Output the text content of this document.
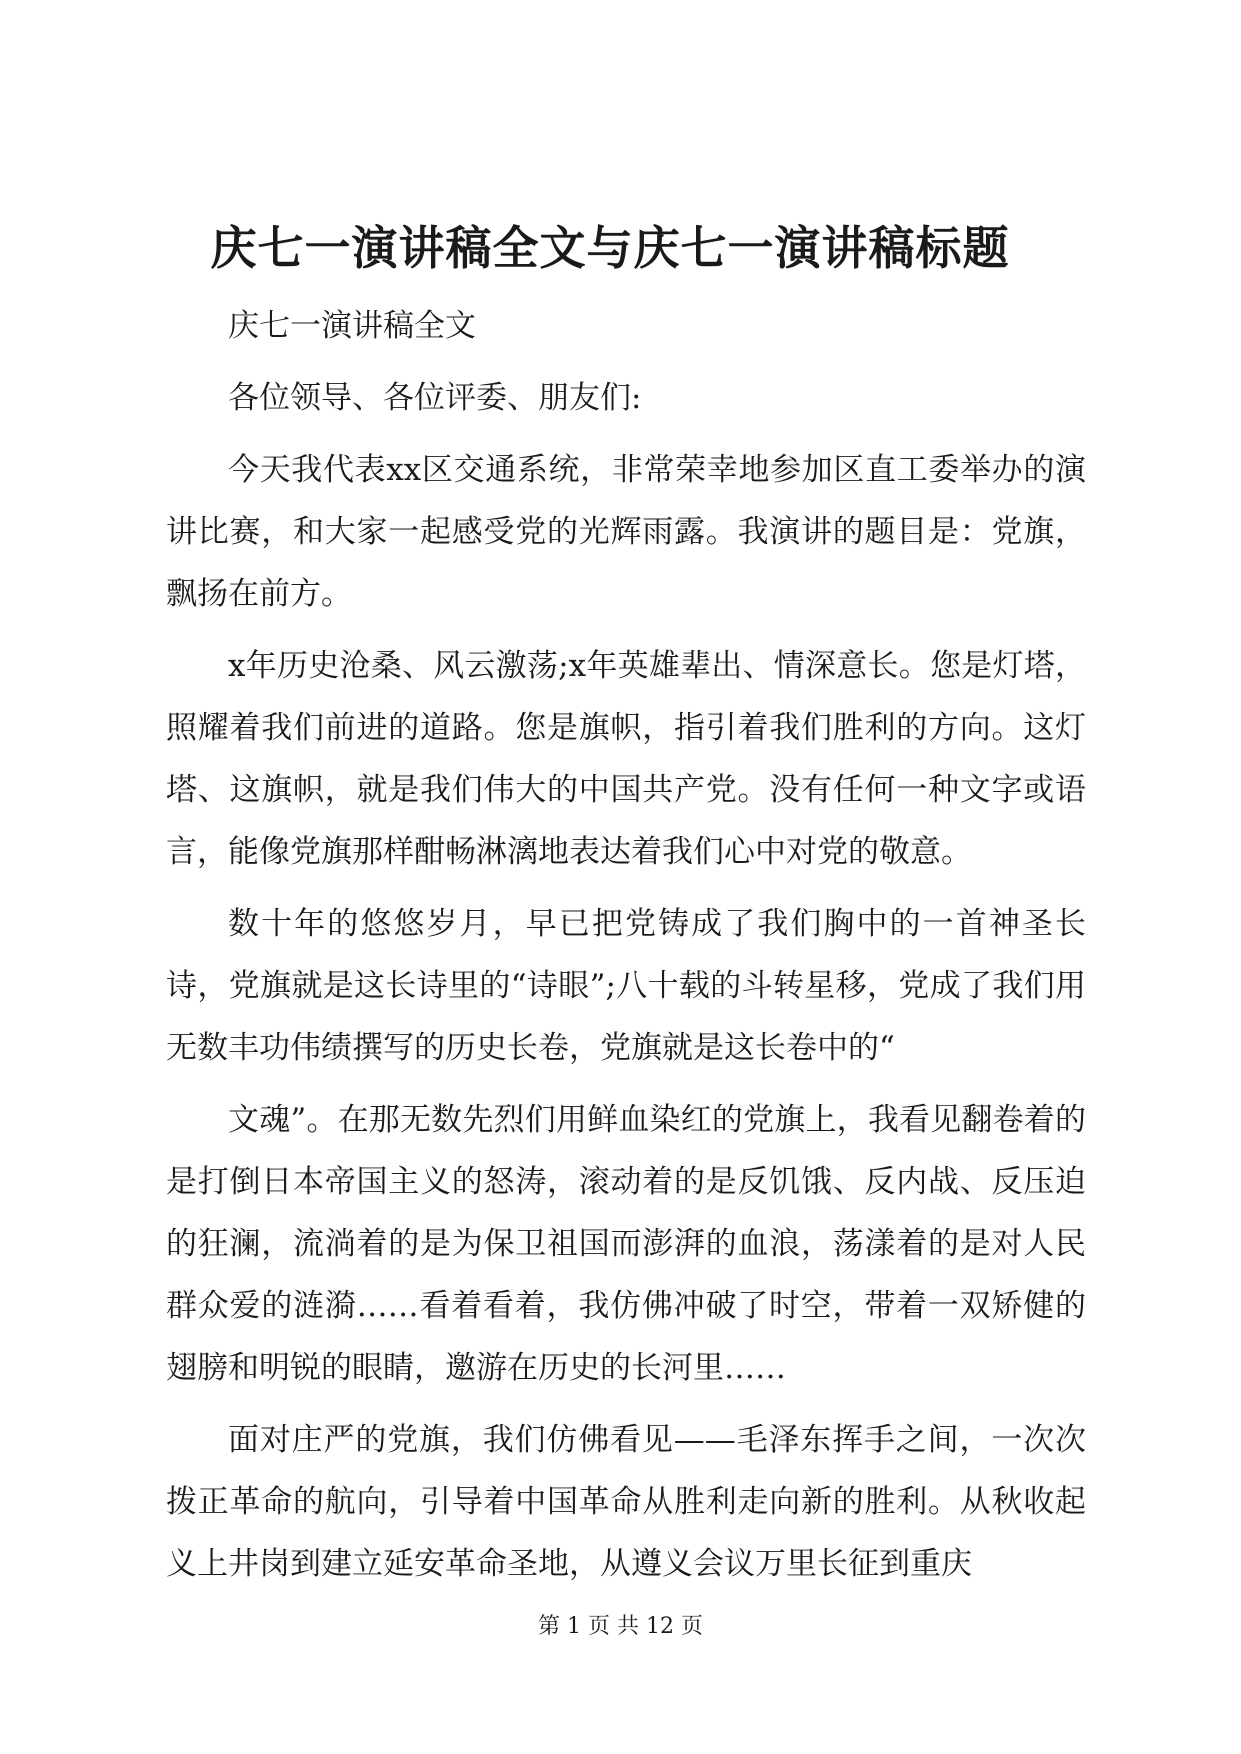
庆七一演讲稿全文与庆七一演讲稿标题

庆七一演讲稿全文

各位领导、各位评委、朋友们:

今天我代表xx区交通系统，非常荣幸地参加区直工委举办的演讲比赛，和大家一起感受党的光辉雨露。我演讲的题目是：党旗，飘扬在前方。

x年历史沧桑、风云激荡;x年英雄辈出、情深意长。您是灯塔，照耀着我们前进的道路。您是旗帜，指引着我们胜利的方向。这灯塔、这旗帜，就是我们伟大的中国共产党。没有任何一种文字或语言，能像党旗那样酣畅淋漓地表达着我们心中对党的敬意。

数十年的悠悠岁月，早已把党铸成了我们胸中的一首神圣长诗，党旗就是这长诗里的“诗眼”;八十载的斗转星移，党成了我们用无数丰功伟绩撰写的历史长卷，党旗就是这长卷中的“

文魂”。在那无数先烈们用鲜血染红的党旗上，我看见翻卷着的是打倒日本帝国主义的怒涛，滚动着的是反饥饿、反内战、反压迫的狂澜，流淌着的是为保卫祖国而澎湃的血浪，荡漾着的是对人民群众爱的涟漪……看着看着，我仿佛冲破了时空，带着一双矫健的翅膀和明锐的眼睛，邀游在历史的长河里……

面对庄严的党旗，我们仿佛看见——毛泽东挥手之间，一次次拨正革命的航向，引导着中国革命从胜利走向新的胜利。从秋收起义上井岗到建立延安革命圣地，从遵义会议万里长征到重庆

第 1 页 共 12 页
